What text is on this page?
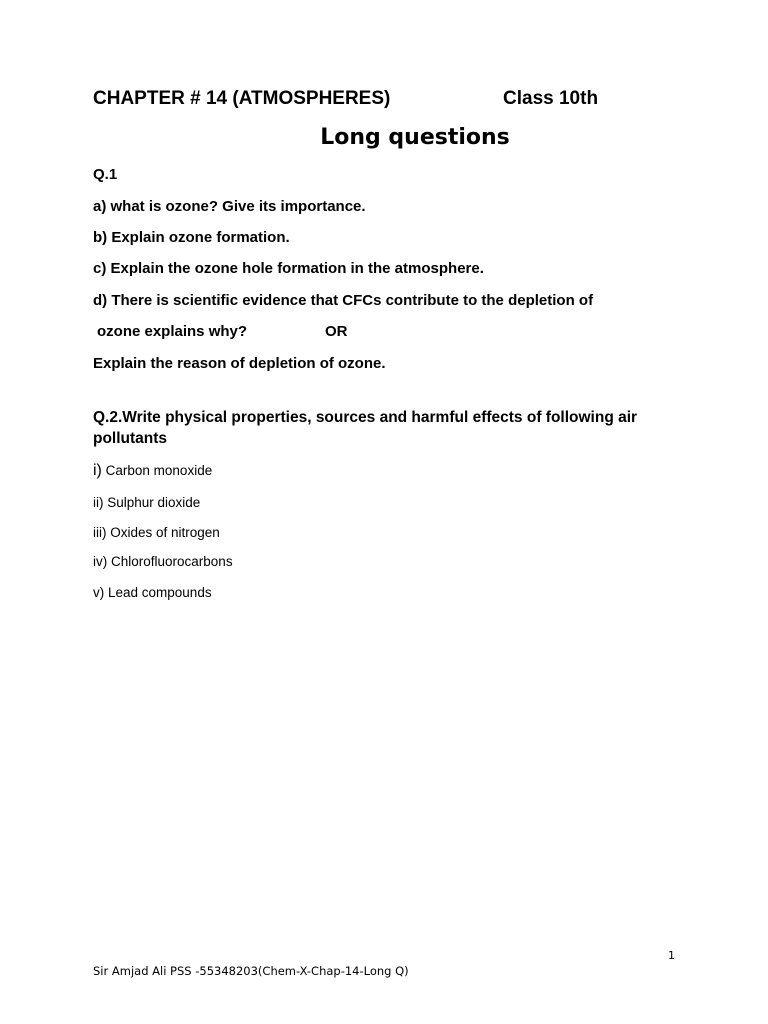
CHAPTER # 14 (ATMOSPHERES)	Class 10th
Long questions
Q.1
a) what is ozone? Give its importance.
b) Explain ozone formation.
c) Explain the ozone hole formation in the atmosphere.
d) There is scientific evidence that CFCs contribute to the depletion of
ozone explains why?	OR
Explain the reason of depletion of ozone.
Q.2.Write physical properties, sources and harmful effects of following air
pollutants
i) Carbon monoxide
ii) Sulphur dioxide
iii) Oxides of nitrogen
iv) Chlorofluorocarbons
v) Lead compounds
1
Sir Amjad Ali PSS -55348203(Chem-X-Chap-14-Long Q)
